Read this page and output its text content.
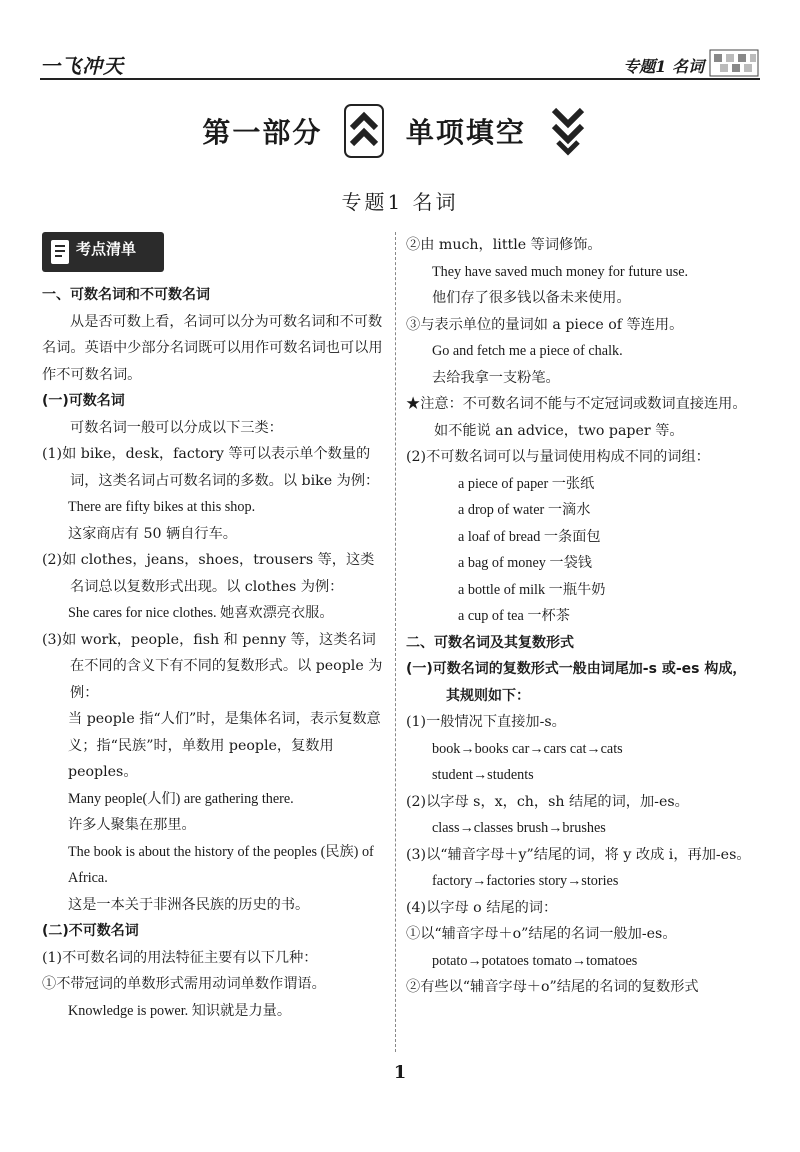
一飞冲天	专题1 名词
第一部分	单项填空
专题1 名词
考点清单

一、可数名词和不可数名词

从是否可数上看，名词可以分为可数名词和不可数名词。英语中少部分名词既可以用作可数名词也可以用作不可数名词。

(一)可数名词

可数名词一般可以分成以下三类：

(1)如 bike，desk，factory 等可以表示单个数量的词，这类名词占可数名词的多数。以 bike 为例：

There are fifty bikes at this shop.

这家商店有 50 辆自行车。

(2)如 clothes，jeans，shoes，trousers 等，这类名词总以复数形式出现。以 clothes 为例：

She cares for nice clothes. 她喜欢漂亮衣服。

(3)如 work，people，fish 和 penny 等，这类名词在不同的含义下有不同的复数形式。以 people 为例：

当 people 指“人们”时，是集体名词，表示复数意义；指“民族”时，单数用 people，复数用 peoples。

Many people(人们) are gathering there.

许多人聚集在那里。

The book is about the history of the peoples (民族) of Africa.

这是一本关于非洲各民族的历史的书。

(二)不可数名词

(1)不可数名词的用法特征主要有以下几种：

①不带冠词的单数形式需用动词单数作谓语。

Knowledge is power. 知识就是力量。

②由 much，little 等词修饰。

They have saved much money for future use.

他们存了很多钱以备未来使用。

③与表示单位的量词如 a piece of 等连用。

Go and fetch me a piece of chalk.

去给我拿一支粉笔。

★注意：不可数名词不能与不定冠词或数词直接连用。如不能说 an advice，two paper 等。

(2)不可数名词可以与量词使用构成不同的词组：

a piece of paper 一张纸

a drop of water 一滴水

a loaf of bread 一条面包

a bag of money 一袋钱

a bottle of milk 一瓶牛奶

a cup of tea 一杯茶

二、可数名词及其复数形式

(一)可数名词的复数形式一般由词尾加-s 或-es 构成，其规则如下：

(1)一般情况下直接加-s。

book→books car→cars cat→cats

student→students

(2)以字母 s，x，ch，sh 结尾的词，加-es。

class→classes brush→brushes

(3)以“辅音字母＋y”结尾的词，将 y 改成 i，再加-es。

factory→factories story→stories

(4)以字母 o 结尾的词：

①以“辅音字母＋o”结尾的名词一般加-es。

potato→potatoes tomato→tomatoes

②有些以“辅音字母＋o”结尾的名词的复数形式

1
